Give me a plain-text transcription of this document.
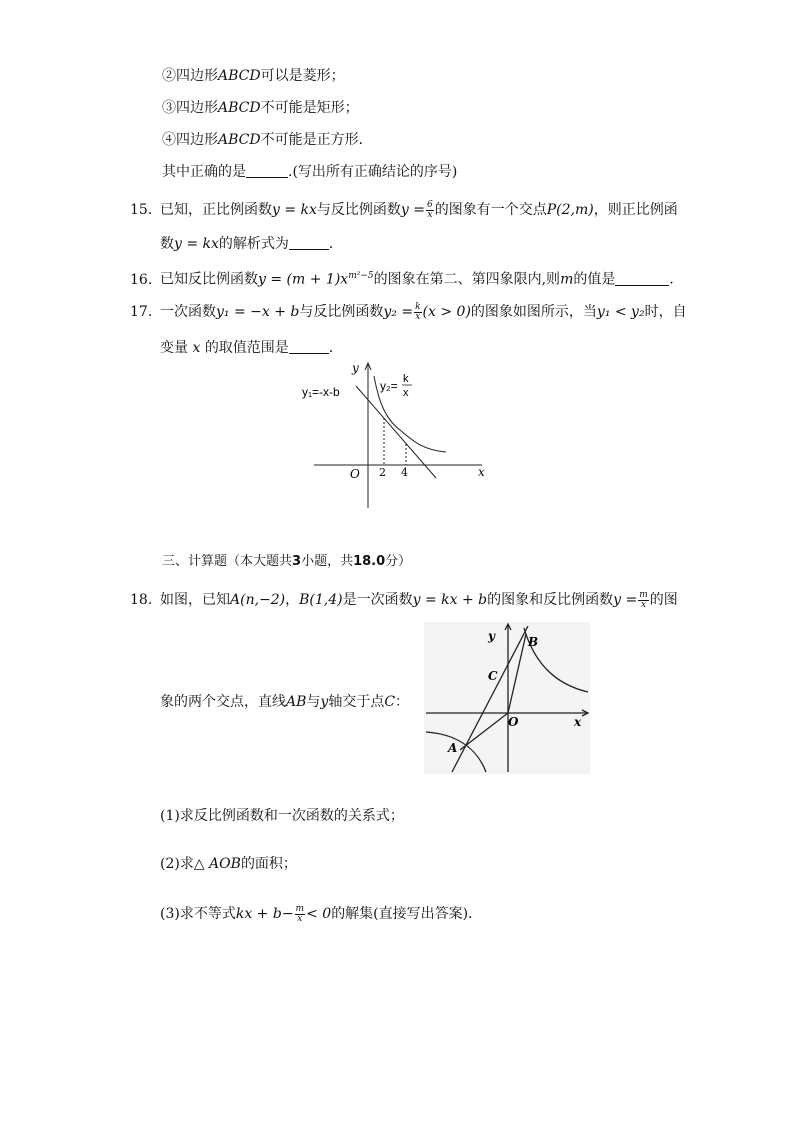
②四边形ABCD可以是菱形；
③四边形ABCD不可能是矩形；
④四边形ABCD不可能是正方形．
其中正确的是	.(写出所有正确结论的序号)
15. 已知，正比例函数y = kx与反比例函数$y = \frac{6}{x}$ 的图象有一个交点P(2,m)，则正比例函
数y = kx的解析式为	．
16. 已知反比例函数$y = (m + 1)x^{m^2-5}$的图象在第二、第四象限内,则m的值是	．
17. 一次函数y₁ = −x + b与反比例函数$y_2 = \frac{k}{x} (x > 0)$的图象如图所示，当y₁ < y₂时，自
变量 x 的取值范围是	．
y
x
O 2 4
y₁=-x-b	y₂= k
x
三、计算题（本大题共3小题，共18.0分）
18. 如图，已知A(n,−2)，B(1,4)是一次函数y = kx + b的图象和反比例函数$y = \frac{m}{x}$ 的图
象的两个交点，直线AB与y轴交于点C：
y
x
O
A
B
C
(1)求反比例函数和一次函数的关系式；
(2)求△ AOB的面积；
(3)求不等式kx + $b- \frac{m}{x} < 0$的解集(直接写出答案)．
